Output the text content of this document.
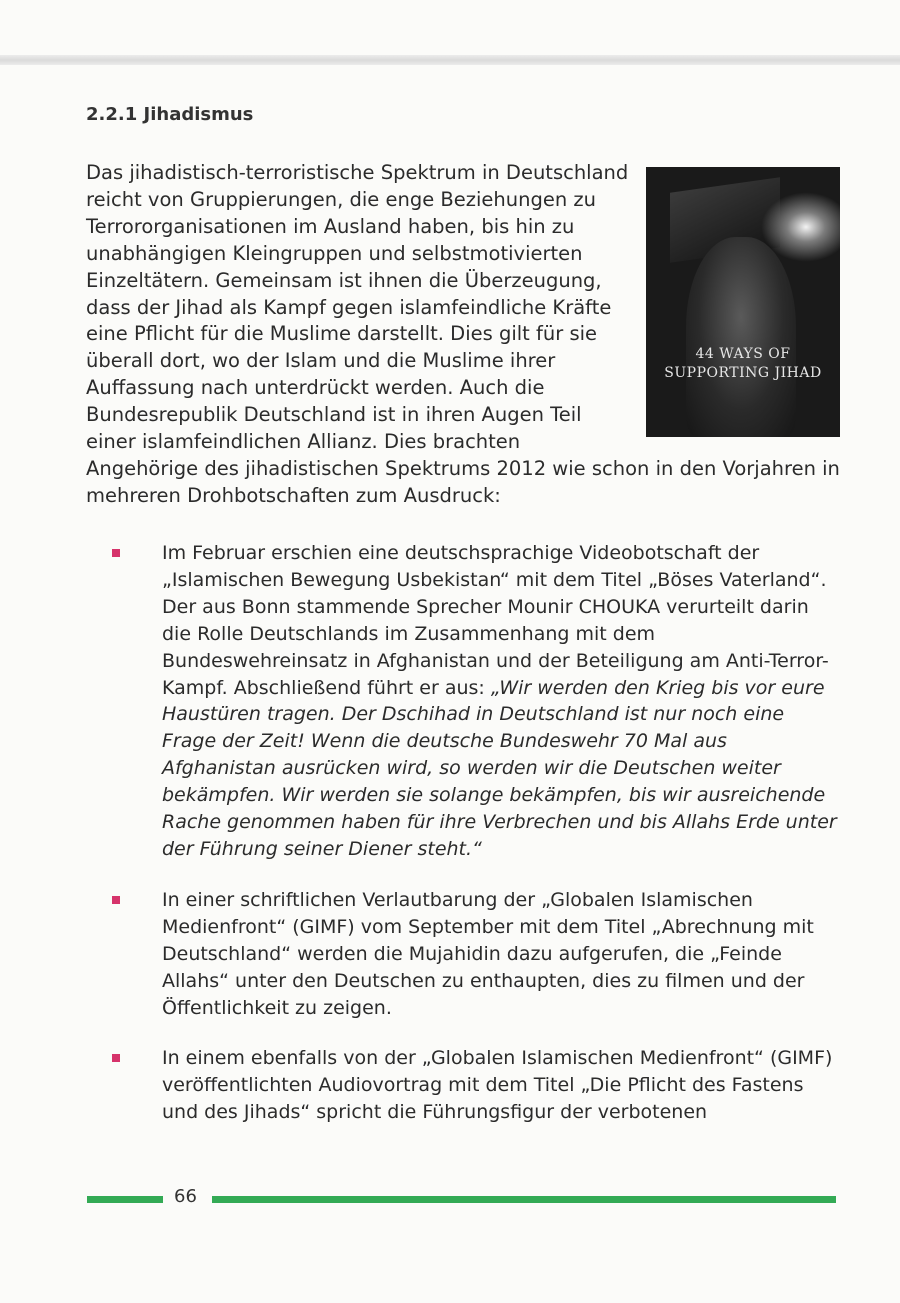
2.2.1 Jihadismus
44 WAYS OF
SUPPORTING JIHAD
Das jihadistisch-terroristische Spektrum in Deutschland reicht von Gruppierungen, die enge Beziehungen zu Terrororganisationen im Ausland haben, bis hin zu unabhängigen Kleingruppen und selbstmotivierten Einzeltätern. Gemeinsam ist ihnen die Überzeugung, dass der Jihad als Kampf gegen islamfeindliche Kräfte eine Pflicht für die Muslime darstellt. Dies gilt für sie überall dort, wo der Islam und die Muslime ihrer Auffassung nach unterdrückt werden. Auch die Bundesrepublik Deutschland ist in ihren Augen Teil einer islamfeindlichen Allianz. Dies brachten Angehörige des jihadistischen Spektrums 2012 wie schon in den Vorjahren in mehreren Drohbotschaften zum Ausdruck:
Im Februar erschien eine deutschsprachige Videobotschaft der „Islamischen Bewegung Usbekistan“ mit dem Titel „Böses Vaterland“. Der aus Bonn stammende Sprecher Mounir CHOUKA verurteilt darin die Rolle Deutschlands im Zusammenhang mit dem Bundeswehreinsatz in Afghanistan und der Beteiligung am Anti-Terror-Kampf. Abschließend führt er aus: „Wir werden den Krieg bis vor eure Haustüren tragen. Der Dschihad in Deutschland ist nur noch eine Frage der Zeit! Wenn die deutsche Bundeswehr 70 Mal aus Afghanistan ausrücken wird, so werden wir die Deutschen weiter bekämpfen. Wir werden sie solange bekämpfen, bis wir ausreichende Rache genommen haben für ihre Verbrechen und bis Allahs Erde unter der Führung seiner Diener steht.“
In einer schriftlichen Verlautbarung der „Globalen Islamischen Medienfront“ (GIMF) vom September mit dem Titel „Abrechnung mit Deutschland“ werden die Mujahidin dazu aufgerufen, die „Feinde Allahs“ unter den Deutschen zu enthaupten, dies zu filmen und der Öffentlichkeit zu zeigen.
In einem ebenfalls von der „Globalen Islamischen Medienfront“ (GIMF) veröffentlichten Audiovortrag mit dem Titel „Die Pflicht des Fastens und des Jihads“ spricht die Führungsfigur der verbotenen
66
